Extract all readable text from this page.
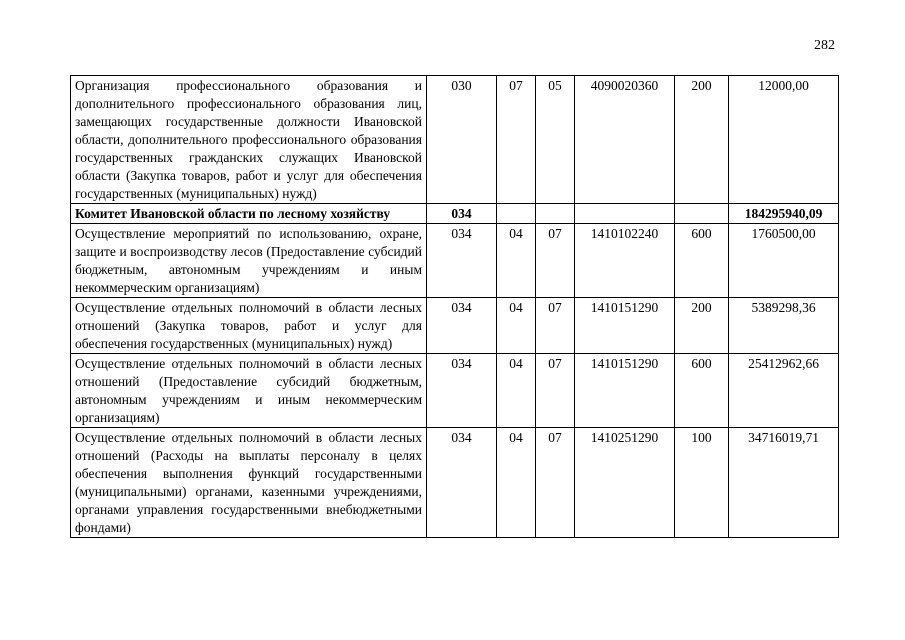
282
Организация профессионального образования и дополнительного профессионального образования лиц, замещающих государственные должности Ивановской области, дополнительного профессионального образования государственных гражданских служащих Ивановской области (Закупка товаров, работ и услуг для обеспечения государственных (муниципальных) нужд)	030	07	05	4090020360	200	12000,00
Комитет Ивановской области по лесному хозяйству	034					184295940,09
Осуществление мероприятий по использованию, охране, защите и воспроизводству лесов (Предоставление субсидий бюджетным, автономным учреждениям и иным некоммерческим организациям)	034	04	07	1410102240	600	1760500,00
Осуществление отдельных полномочий в области лесных отношений (Закупка товаров, работ и услуг для обеспечения государственных (муниципальных) нужд)	034	04	07	1410151290	200	5389298,36
Осуществление отдельных полномочий в области лесных отношений (Предоставление субсидий бюджетным, автономным учреждениям и иным некоммерческим организациям)	034	04	07	1410151290	600	25412962,66
Осуществление отдельных полномочий в области лесных отношений (Расходы на выплаты персоналу в целях обеспечения выполнения функций государственными (муниципальными) органами, казенными учреждениями, органами управления государственными внебюджетными фондами)	034	04	07	1410251290	100	34716019,71
